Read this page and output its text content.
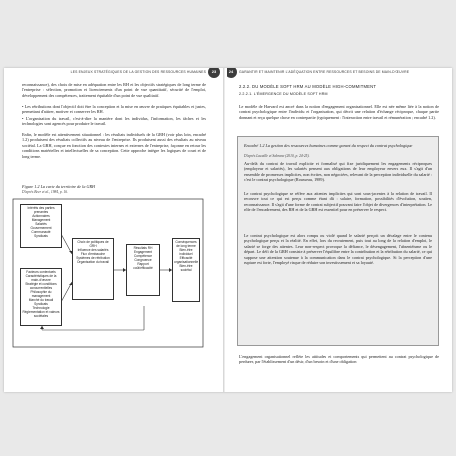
LES ENJEUX STRATÉGIQUES DE LA GESTION DES RESSOURCES HUMAINES	23
reconnaissance), des choix de mise en adéquation entre les RH et les objectifs stratégiques de long terme de l'entreprise : sélection, promotion et licenciements d'un point de vue quantitatif, sécurité de l'emploi, développement des compétences, traitement équitable d'un point de vue qualitatif.
• Les rétributions dont l'objectif doit être la conception et la mise en œuvre de pratiques équitables et justes, permettant d'attirer, motiver et conserver les RH.
• L'organisation du travail, c'est-à-dire la manière dont les individus, l'information, les tâches et les technologies sont agencés pour produire le travail.
Enfin, le modèle est attentivement situationnel : les résultats individuels de la GRH (voir plus loin, encadré 1.2) produisent des résultats collectifs au niveau de l'entreprise. Ils produisent aussi des résultats au niveau sociétal. La GRH, conçue en fonction des contextes internes et externes de l'entreprise, façonne en retour les conditions matérielles et intellectuelles de sa conception. Cette approche intègre les logiques de court et de long terme.
Figure 1.2 La carte du territoire de la GRH
D'après Beer et al., 1984, p. 16.
Intérêts des parties prenantes
Actionnaires
Management
Salariés
Gouvernement
Communauté
Syndicats
Facteurs contextuels
Caractéristiques de la main-d'œuvre
Stratégie et conditions concurrentielles
Philosophie du management
Marché du travail
Syndicats
Technologie
Réglementation et valeurs sociétales
Choix de politiques de GRH
Influence des salariés
Flux d'embauche
Systèmes de rétribution
Organisation du travail
Résultats RH
Engagement
Compétence
Congruence
Rapport coût/efficacité
Conséquences de long terme
Bien-être individuel
Efficacité organisationnelle
Bien-être sociétal
24	GARANTIR ET MAINTENIR L'ADÉQUATION ENTRE RESSOURCES ET BESOINS DE MAIN-D'ŒUVRE
2.2.2. DU MODÈLE SOFT HRM AU MODÈLE HIGH-COMMITMENT
2.2.2.1. L'ÉMERGENCE DU MODÈLE SOFT HRM
Le modèle de Harvard est ancré dans la notion d'engagement organisationnel. Elle est née même liée à la notion de contrat psychologique entre l'individu et l'organisation, qui décrit une relation d'échange réciproque, chaque partie donnant et reçu quelque chose en contrepartie (typiquement : l'interaction entre travail et rémunération ; encadré 1.2).
Encadré 1.2 La gestion des ressources humaines comme garant du respect du contrat psychologique
D'après Lacaille et Sabrane (2010, p. 24-25).
Au-delà du contrat de travail explicite et formalisé qui fixe juridiquement les engagements réciproques (employeur et salariés), les salariés pensent aux obligations de leur employeur envers eux. Il s'agit d'un ensemble de promesses implicites, non écrites, non négociées, relevant de la perception individuelle du salarié : c'est le contrat psychologique (Rousseau, 1989).
Le contrat psychologique se réfère aux attentes implicites qui sont sous-jacentes à la relation de travail. Il recouvre tout ce qui est perçu comme étant dû : salaire, formation, possibilités d'évolution, soutien, reconnaissance. Il s'agit d'une forme de contrat subjectif pouvant faire l'objet de divergences d'interprétation. Le rôle de l'encadrement, des RH et de la GRH est essentiel pour en préserver le respect.
Le contrat psychologique est alors rompu ou violé quand le salarié perçoit un décalage entre le contenu psychologique perçu et la réalité. En effet, lors du recrutement, puis tout au long de la relation d'emploi, le salarié se forge des attentes. Leur non-respect provoque la défiance, le désengagement, l'absentéisme ou le départ. Le défi de la GRH consiste à préserver l'équilibre entre la contribution et la rétribution du salarié, ce qui suppose une attention soutenue à la communication dans le contrat psychologique. Si la perception d'une rupture est forte, l'employé risque de réduire son investissement et sa loyauté.
L'engagement organisationnel reflète les attitudes et comportements qui permettent au contrat psychologique de perdurer, par l'établissement d'un désir, d'un besoin et d'une obligation
